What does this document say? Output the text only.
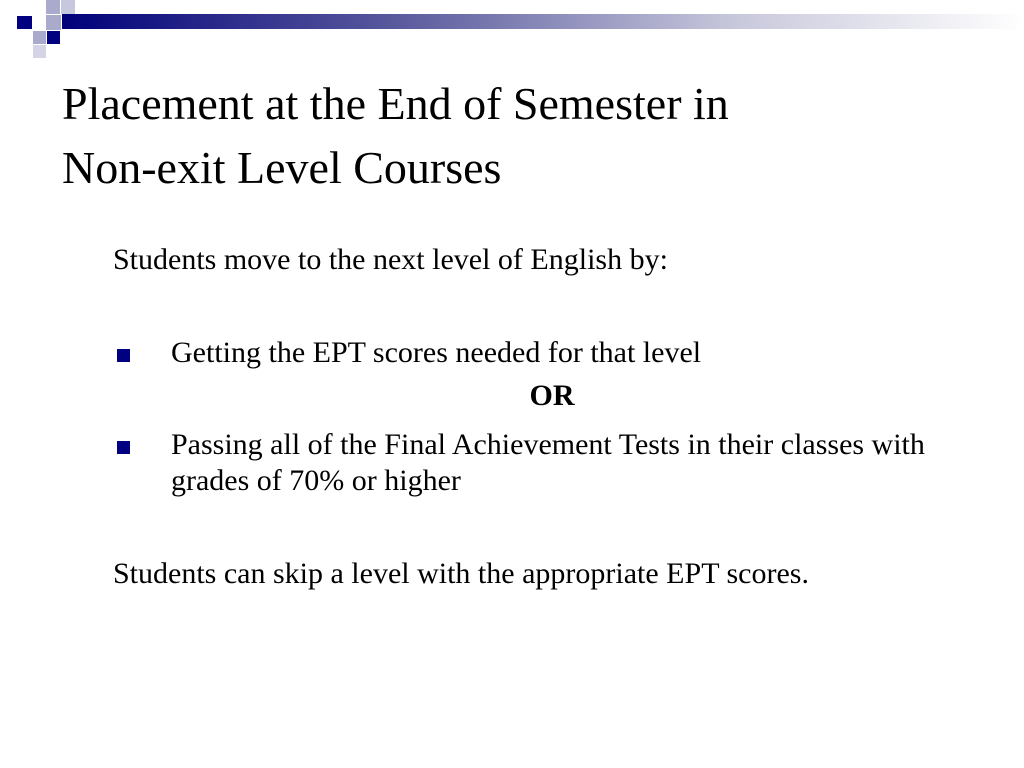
Placement at the End of Semester in
Non-exit Level Courses

Students move to the next level of English by:

Getting the EPT scores needed for that level

OR

Passing all of the Final Achievement Tests in their classes with grades of 70% or higher

Students can skip a level with the appropriate EPT scores.
